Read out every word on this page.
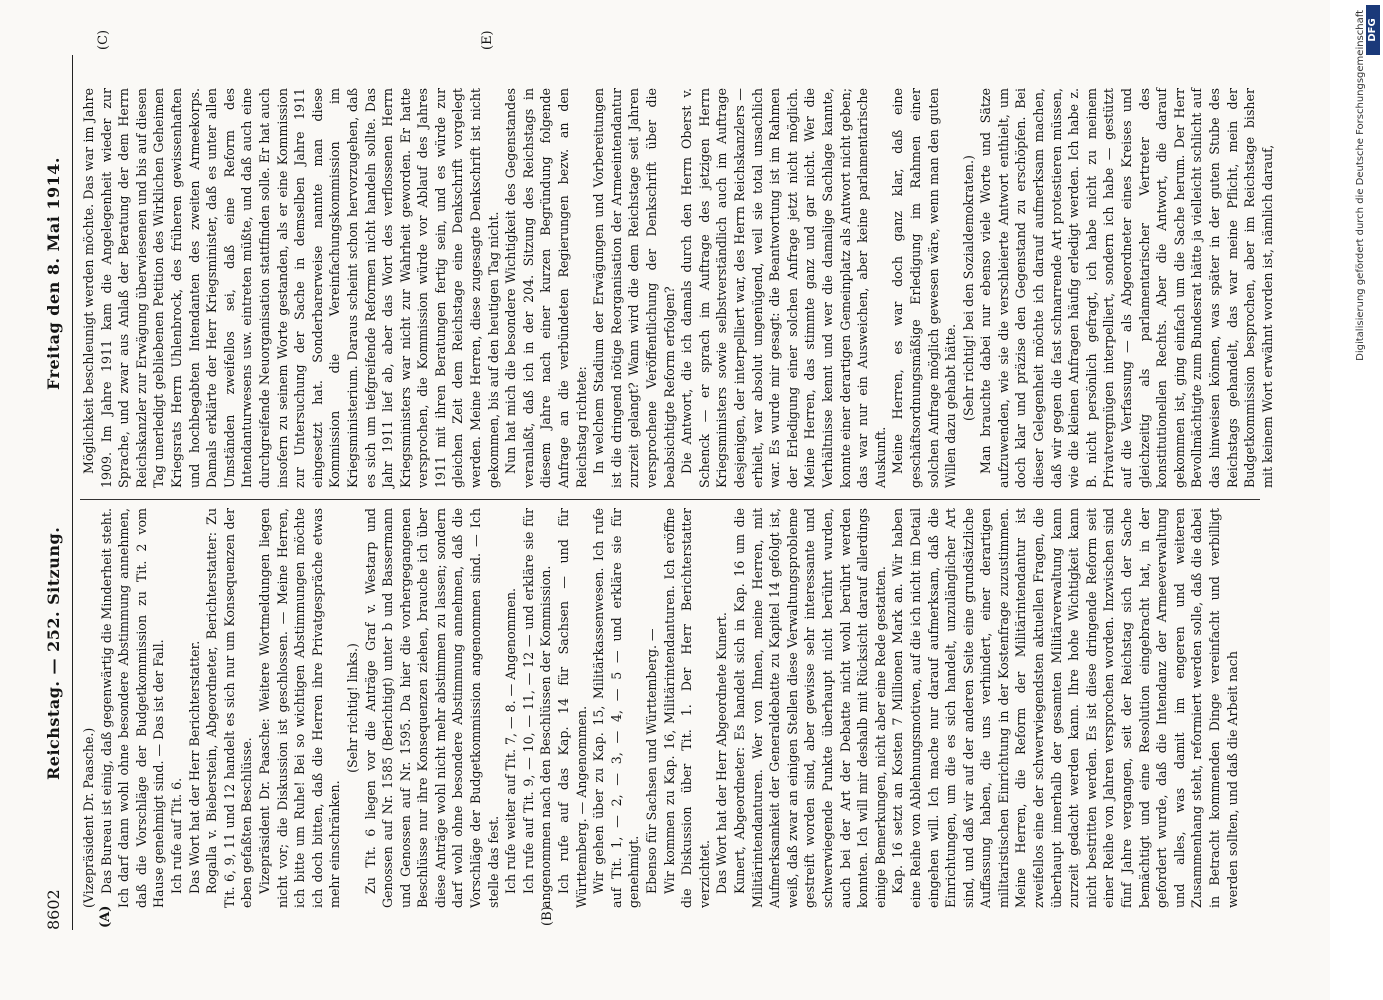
8602
Reichstag. — 252. Sitzung.
Freitag den 8. Mai 1914.
(A)	(B)
(C)	(E)

(Vizepräsident Dr. Paasche.) Das Bureau ist einig, daß gegenwärtig die Minderheit steht. Ich darf dann wohl ohne besondere Abstimmung annehmen, daß die Vorschläge der Budgetkommission zu Tit. 2 vom Hause genehmigt sind. — Das ist der Fall. Ich rufe auf Tit. 6. Das Wort hat der Herr Berichterstatter. Rogalla v. Bieberstein, Abgeordneter, Berichterstatter: Zu Tit. 6, 9, 11 und 12 handelt es sich nur um Konsequenzen der eben gefaßten Beschlüsse. Vizepräsident Dr. Paasche: Weitere Wortmeldungen liegen nicht vor; die Diskussion ist geschlossen. — Meine Herren, ich bitte um Ruhe! Bei so wichtigen Abstimmungen möchte ich doch bitten, daß die Herren ihre Privatgespräche etwas mehr einschränken.

(Sehr richtig! links.) Zu Tit. 6 liegen vor die Anträge Graf v. Westarp und Genossen auf Nr. 1585 (Berichtigt) unter b und Bassermann und Genossen auf Nr. 1595. Da hier die vorhergegangenen Beschlüsse nur ihre Konsequenzen ziehen, brauche ich über diese Anträge wohl nicht mehr abstimmen zu lassen; sondern darf wohl ohne besondere Abstimmung annehmen, daß die Vorschläge der Budgetkommission angenommen sind. — Ich stelle das fest. Ich rufe weiter auf Tit. 7, — 8. — Angenommen. Ich rufe auf Tit. 9, — 10, — 11, — 12 — und erkläre sie für angenommen nach den Beschlüssen der Kommission. Ich rufe auf das Kap. 14 für Sachsen — und für Württemberg. — Angenommen. Wir gehen über zu Kap. 15, Militärkassenwesen. Ich rufe auf Tit. 1, — 2, — 3, — 4, — 5 — und erkläre sie für genehmigt. Ebenso für Sachsen und Württemberg. — Wir kommen zu Kap. 16, Militärintendanturen. Ich eröffne die Diskussion über Tit. 1. Der Herr Berichterstatter verzichtet. Das Wort hat der Herr Abgeordnete Kunert. Kunert, Abgeordneter: Es handelt sich in Kap. 16 um die Militärintendanturen. Wer von Ihnen, meine Herren, mit Aufmerksamkeit der Generaldebatte zu Kapitel 14 gefolgt ist, weiß, daß zwar an einigen Stellen diese Verwaltungsprobleme gestreift worden sind, aber gewisse sehr interessante und schwerwiegende Punkte überhaupt nicht berührt wurden, auch bei der Art der Debatte nicht wohl berührt werden konnten. Ich will mir deshalb mit Rücksicht darauf allerdings einige Bemerkungen, nicht aber eine Rede gestatten. Kap. 16 setzt an Kosten 7 Millionen Mark an. Wir haben eine Reihe von Ablehnungsmotiven, auf die ich nicht im Detail eingehen will. Ich mache nur darauf aufmerksam, daß die Einrichtungen, um die es sich handelt, unzulänglicher Art sind, und daß wir auf der anderen Seite eine grundsätzliche Auffassung haben, die uns verhindert, einer derartigen militaristischen Einrichtung in der Kostenfrage zuzustimmen. Meine Herren, die Reform der Militärintendantur ist zweifellos eine der schwerwiegendsten aktuellen Fragen, die überhaupt innerhalb der gesamten Militärverwaltung kann zurzeit gedacht werden kann. Ihre hohe Wichtigkeit kann nicht bestritten werden. Es ist diese dringende Reform seit einer Reihe von Jahren versprochen worden. Inzwischen sind fünf Jahre vergangen, seit der Reichstag sich der Sache bemächtigt und eine Resolution eingebracht hat, in der gefordert wurde, daß die Intendanz der Armeeverwaltung und alles, was damit im engeren und weiteren Zusammenhang steht, reformiert werden solle, daß die dabei in Betracht kommenden Dinge vereinfacht und verbilligt werden sollten, und daß die Arbeit nach

Möglichkeit beschleunigt werden möchte. Das war im Jahre 1909. Im Jahre 1911 kam die Angelegenheit wieder zur Sprache, und zwar aus Anlaß der Beratung der dem Herrn Reichskanzler zur Erwägung überwiesenen und bis auf diesen Tag unerledigt gebliebenen Petition des Wirklichen Geheimen Kriegsrats Herrn Uhlenbrock, des früheren gewissenhaften und hochbegabten Intendanten des zweiten Armeekorps. Damals erklärte der Herr Kriegsminister, daß es unter allen Umständen zweifellos sei, daß eine Reform des Intendanturwesens usw. eintreten müßte, und daß auch eine durchgreifende Neuorganisation stattfinden solle. Er hat auch insofern zu seinem Worte gestanden, als er eine Kommission zur Untersuchung der Sache in demselben Jahre 1911 eingesetzt hat. Sonderbarerweise nannte man diese Kommission die Vereinfachungskommission im Kriegsministerium. Daraus scheint schon hervorzugehen, daß es sich um tiefgreifende Reformen nicht handeln sollte. Das Jahr 1911 lief ab, aber das Wort des verflossenen Herrn Kriegsministers war nicht zur Wahrheit geworden. Er hatte versprochen, die Kommission würde vor Ablauf des Jahres 1911 mit ihren Beratungen fertig sein, und es würde zur gleichen Zeit dem Reichstage eine Denkschrift vorgelegt werden. Meine Herren, diese zugesagte Denkschrift ist nicht gekommen, bis auf den heutigen Tag nicht. Nun hat mich die besondere Wichtigkeit des Gegenstandes veranlaßt, daß ich in der 204. Sitzung des Reichstags in diesem Jahre nach einer kurzen Begründung folgende Anfrage an die verbündeten Regierungen bezw. an den Reichstag richtete: In welchem Stadium der Erwägungen und Vorbereitungen ist die dringend nötige Reorganisation der Armeeintendantur zurzeit gelangt? Wann wird die dem Reichstage seit Jahren versprochene Veröffentlichung der Denkschrift über die beabsichtigte Reform erfolgen? Die Antwort, die ich damals durch den Herrn Oberst v. Schenck — er sprach im Auftrage des jetzigen Herrn Kriegsministers sowie selbstverständlich auch im Auftrage desjenigen, der interpelliert war, des Herrn Reichskanzlers — erhielt, war absolut ungenügend, weil sie total unsachlich war. Es wurde mir gesagt: die Beantwortung ist im Rahmen der Erledigung einer solchen Anfrage jetzt nicht möglich. Meine Herren, das stimmte ganz und gar nicht. Wer die Verhältnisse kennt und wer die damalige Sachlage kannte, konnte einer derartigen Gemeinplatz als Antwort nicht geben; das war nur ein Ausweichen, aber keine parlamentarische Auskunft. Meine Herren, es war doch ganz klar, daß eine geschäftsordnungsmäßige Erledigung im Rahmen einer solchen Anfrage möglich gewesen wäre, wenn man den guten Willen dazu gehabt hätte. (Sehr richtig! bei den Sozialdemokraten.) Man brauchte dabei nur ebenso viele Worte und Sätze aufzuwenden, wie sie die verschleierte Antwort enthielt, um doch klar und präzise den Gegenstand zu erschöpfen. Bei dieser Gelegenheit möchte ich darauf aufmerksam machen, daß wir gegen die fast schnarrende Art protestieren müssen, wie die kleinen Anfragen häufig erledigt werden. Ich habe z. B. nicht persönlich gefragt, ich habe nicht zu meinem Privatvergnügen interpelliert, sondern ich habe — gestützt auf die Verfassung — als Abgeordneter eines Kreises und gleichzeitig als parlamentarischer Vertreter des konstitutionellen Rechts. Aber die Antwort, die darauf gekommen ist, ging einfach um die Sache herum. Der Herr Bevollmächtigte zum Bundesrat hätte ja vielleicht schlicht auf das hinweisen können, was später in der guten Stube des Reichstags gehandelt, das war meine Pflicht, mein der Budgetkommission besprochen, aber im Reichstage bisher mit keinem Wort erwähnt worden ist, nämlich darauf,	Digitalisierung gefördert durch die Deutsche Forschungsgemeinschaft DFG
